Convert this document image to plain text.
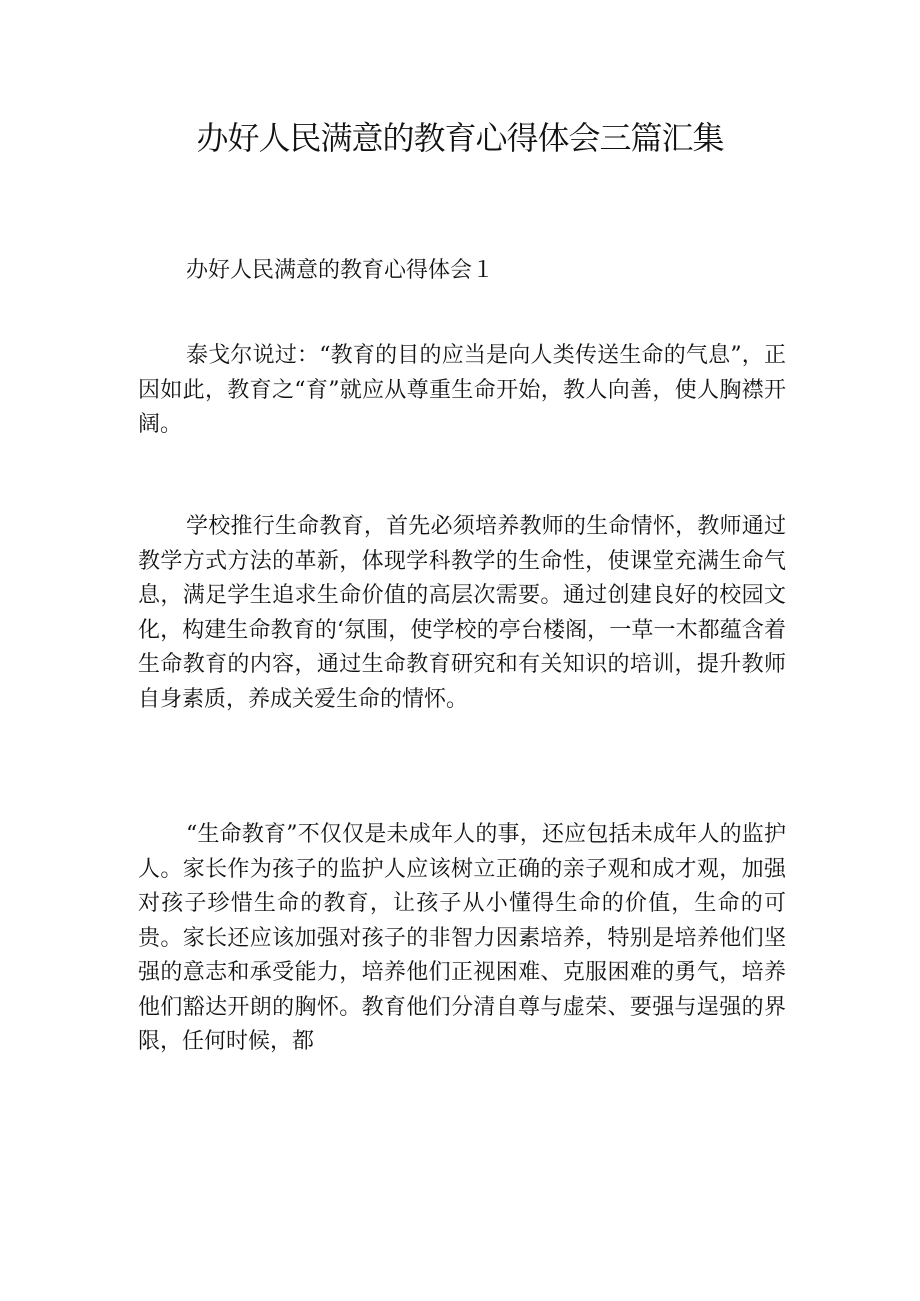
办好人民满意的教育心得体会三篇汇集

办好人民满意的教育心得体会１

泰戈尔说过：“教育的目的应当是向人类传送生命的气息”，正因如此，教育之“育”就应从尊重生命开始，教人向善，使人胸襟开阔。

学校推行生命教育，首先必须培养教师的生命情怀，教师通过教学方式方法的革新，体现学科教学的生命性，使课堂充满生命气息，满足学生追求生命价值的高层次需要。通过创建良好的校园文化，构建生命教育的‘氛围，使学校的亭台楼阁，一草一木都蕴含着生命教育的内容，通过生命教育研究和有关知识的培训，提升教师自身素质，养成关爱生命的情怀。

“生命教育”不仅仅是未成年人的事，还应包括未成年人的监护人。家长作为孩子的监护人应该树立正确的亲子观和成才观，加强对孩子珍惜生命的教育，让孩子从小懂得生命的价值，生命的可贵。家长还应该加强对孩子的非智力因素培养，特别是培养他们坚强的意志和承受能力，培养他们正视困难、克服困难的勇气，培养他们豁达开朗的胸怀。教育他们分清自尊与虚荣、要强与逞强的界限，任何时候，都
